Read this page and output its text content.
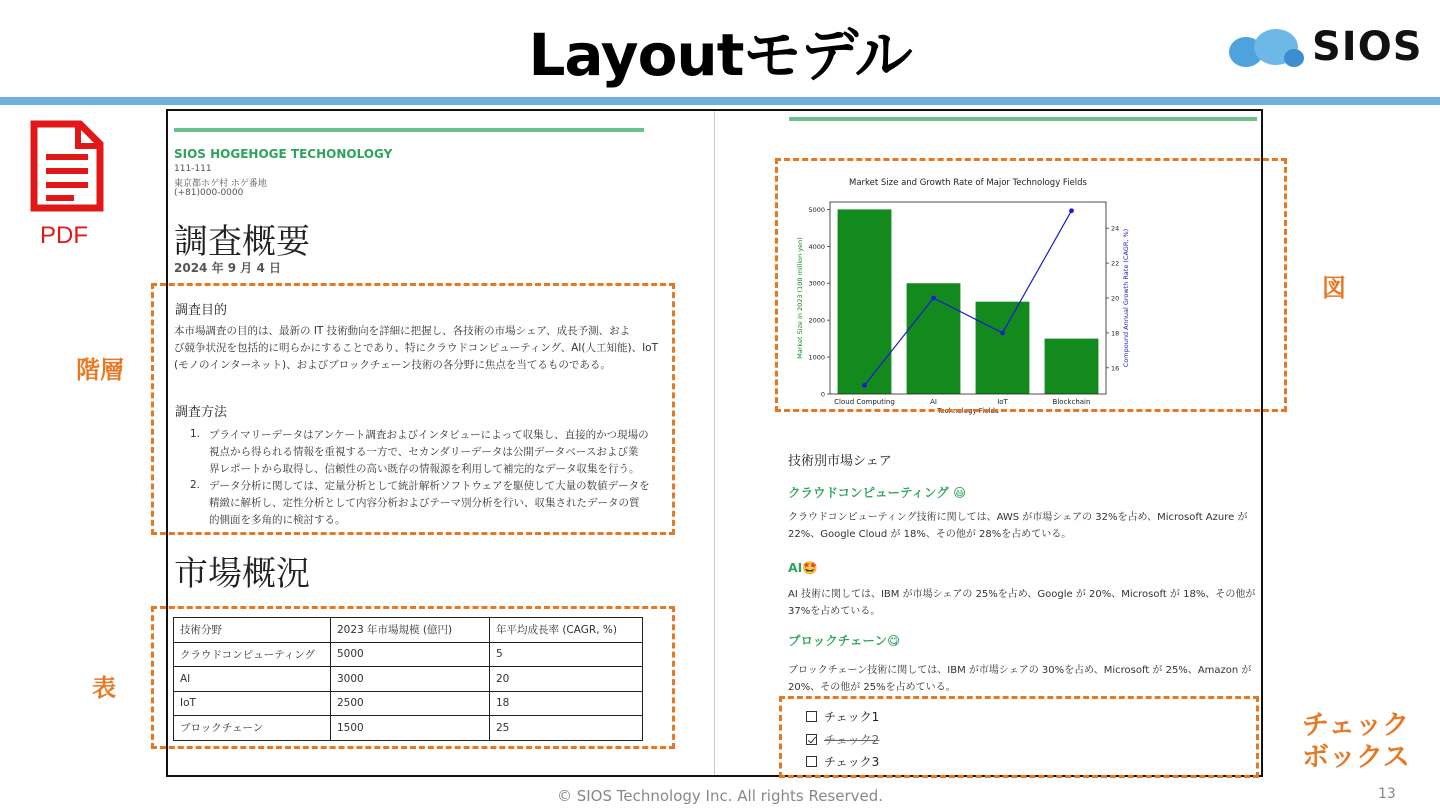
Layoutモデル	SIOS
PDF
階層
表
図
チェック
ボックス
SIOS HOGEHOGE TECHONOLOGY
111-111
東京都ホゲ村 ホゲ番地
(+81)000-0000
調査概要
2024 年 9 月 4 日
調査目的
本市場調査の目的は、最新の IT 技術動向を詳細に把握し、各技術の市場シェア、成長予測、およ
び競争状況を包括的に明らかにすることであり、特にクラウドコンピューティング、AI(人工知能)、IoT
(モノのインターネット)、およびブロックチェーン技術の各分野に焦点を当てるものである。
調査方法
1. プライマリーデータはアンケート調査およびインタビューによって収集し、直接的かつ現場の
視点から得られる情報を重視する一方で、セカンダリーデータは公開データベースおよび業
界レポートから取得し、信頼性の高い既存の情報源を利用して補完的なデータ収集を行う。
2. データ分析に関しては、定量分析として統計解析ソフトウェアを駆使して大量の数値データを
精緻に解析し、定性分析として内容分析およびテーマ別分析を行い、収集されたデータの質
的側面を多角的に検討する。
市場概況
技術分野	2023 年市場規模 (億円)	年平均成長率 (CAGR, %)
クラウドコンピューティング	5000	5
AI	3000	20
IoT	2500	18
ブロックチェーン	1500	25
Market Size and Growth Rate of Major Technology Fields
0
1000
2000
3000
4000
5000
16
18
20
22
24
Cloud Computing	AI	IoT	Blockchain
Technology Fields
Market Size in 2023 (100 million yen)	Compound Annual Growth Rate (CAGR, %)
技術別市場シェア
クラウドコンピューティング 😃
クラウドコンピューティング技術に関しては、AWS が市場シェアの 32%を占め、Microsoft Azure が
22%、Google Cloud が 18%、その他が 28%を占めている。
AI🤩
AI 技術に関しては、IBM が市場シェアの 25%を占め、Google が 20%、Microsoft が 18%、その他が
37%を占めている。
ブロックチェーン😋
ブロックチェーン技術に関しては、IBM が市場シェアの 30%を占め、Microsoft が 25%、Amazon が
20%、その他が 25%を占めている。
チェック1
チェック2
チェック3
© SIOS Technology Inc. All rights Reserved.	13
